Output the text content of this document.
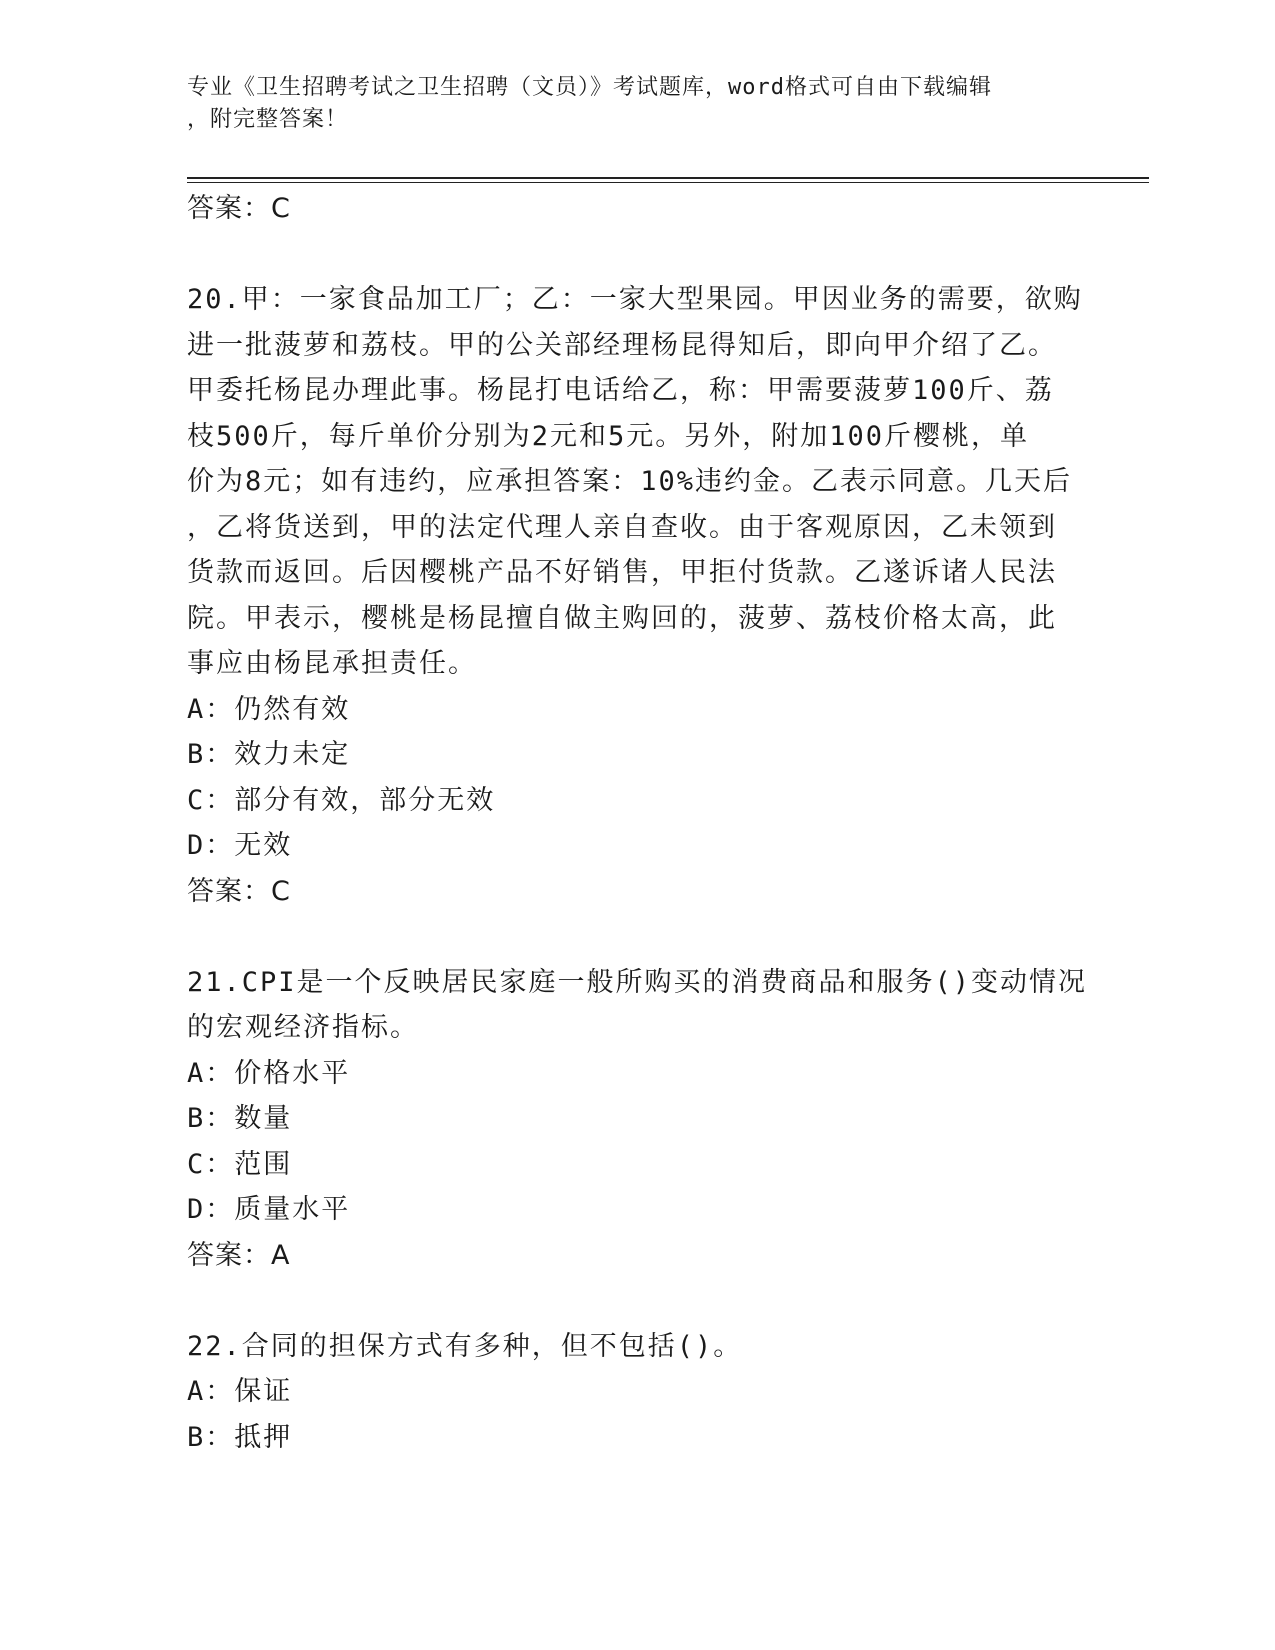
专业《卫生招聘考试之卫生招聘（文员）》考试题库，word格式可自由下载编辑
，附完整答案！
答案：C
20.甲：一家食品加工厂；乙：一家大型果园。甲因业务的需要，欲购
进一批菠萝和荔枝。甲的公关部经理杨昆得知后，即向甲介绍了乙。
甲委托杨昆办理此事。杨昆打电话给乙，称：甲需要菠萝100斤、荔
枝500斤，每斤单价分别为2元和5元。另外，附加100斤樱桃，单
价为8元；如有违约，应承担答案：10%违约金。乙表示同意。几天后
，乙将货送到，甲的法定代理人亲自查收。由于客观原因，乙未领到
货款而返回。后因樱桃产品不好销售，甲拒付货款。乙遂诉诸人民法
院。甲表示，樱桃是杨昆擅自做主购回的，菠萝、荔枝价格太高，此
事应由杨昆承担责任。
A：仍然有效
B：效力未定
C：部分有效，部分无效
D：无效
答案：C
21.CPI是一个反映居民家庭一般所购买的消费商品和服务()变动情况
的宏观经济指标。
A：价格水平
B：数量
C：范围
D：质量水平
答案：A
22.合同的担保方式有多种，但不包括()。
A：保证
B：抵押
